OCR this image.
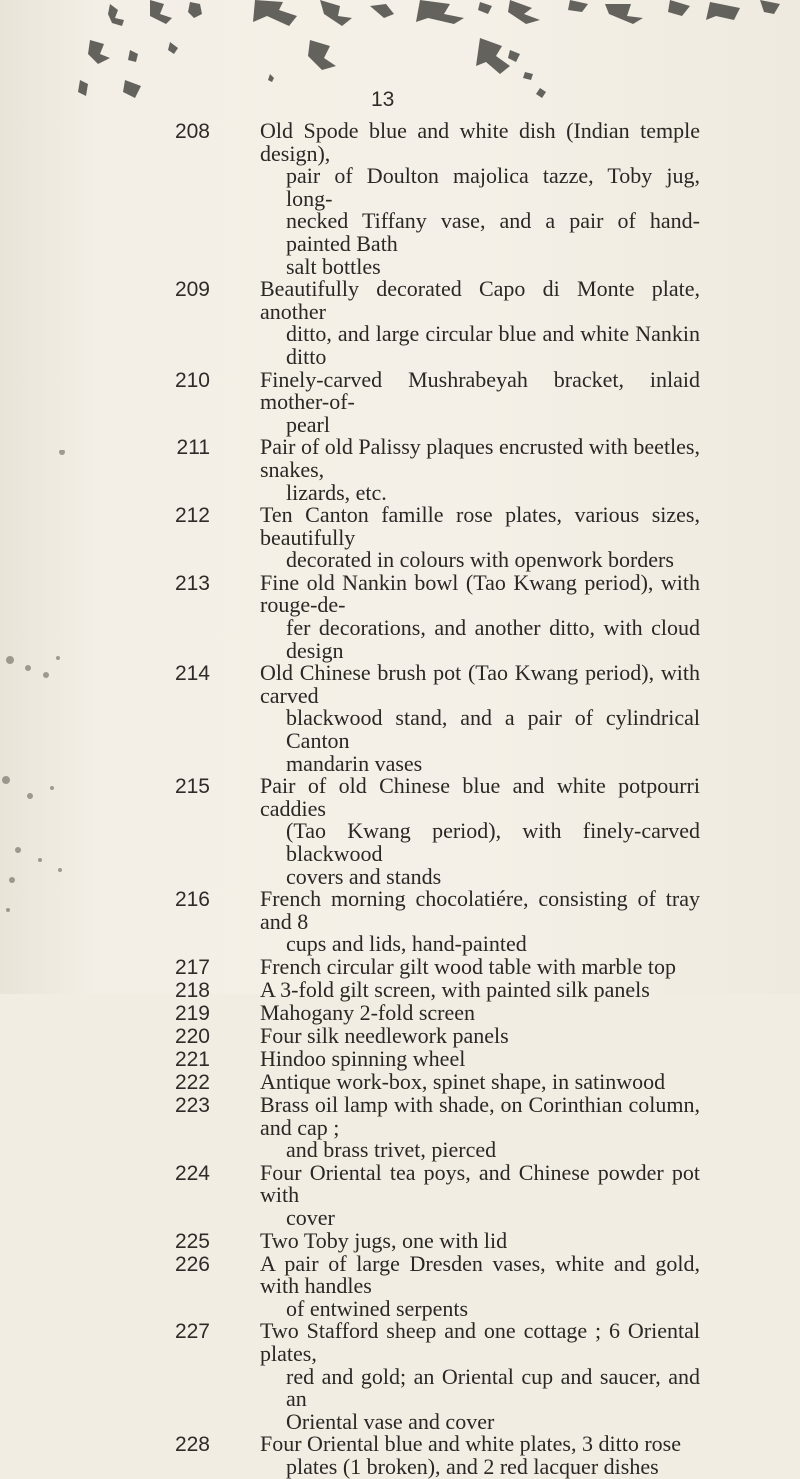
13
208 Old Spode blue and white dish (Indian temple design),
pair of Doulton majolica tazze, Toby jug, long-
necked Tiffany vase, and a pair of hand-painted Bath
salt bottles
209 Beautifully decorated Capo di Monte plate, another
ditto, and large circular blue and white Nankin ditto
210 Finely-carved Mushrabeyah bracket, inlaid mother-of-
pearl
211 Pair of old Palissy plaques encrusted with beetles, snakes,
lizards, etc.
212 Ten Canton famille rose plates, various sizes, beautifully
decorated in colours with openwork borders
213 Fine old Nankin bowl (Tao Kwang period), with rouge-de-
fer decorations, and another ditto, with cloud design
214 Old Chinese brush pot (Tao Kwang period), with carved
blackwood stand, and a pair of cylindrical Canton
mandarin vases
215 Pair of old Chinese blue and white potpourri caddies
(Tao Kwang period), with finely-carved blackwood
covers and stands
216 French morning chocolatiére, consisting of tray and 8
cups and lids, hand-painted
217 French circular gilt wood table with marble top
218 A 3-fold gilt screen, with painted silk panels
219 Mahogany 2-fold screen
220 Four silk needlework panels
221 Hindoo spinning wheel
222 Antique work-box, spinet shape, in satinwood
223 Brass oil lamp with shade, on Corinthian column, and cap ;
and brass trivet, pierced
224 Four Oriental tea poys, and Chinese powder pot with
cover
225 Two Toby jugs, one with lid
226 A pair of large Dresden vases, white and gold, with handles
of entwined serpents
227 Two Stafford sheep and one cottage ; 6 Oriental plates,
red and gold; an Oriental cup and saucer, and an
Oriental vase and cover
228 Four Oriental blue and white plates, 3 ditto rose
plates (1 broken), and 2 red lacquer dishes
